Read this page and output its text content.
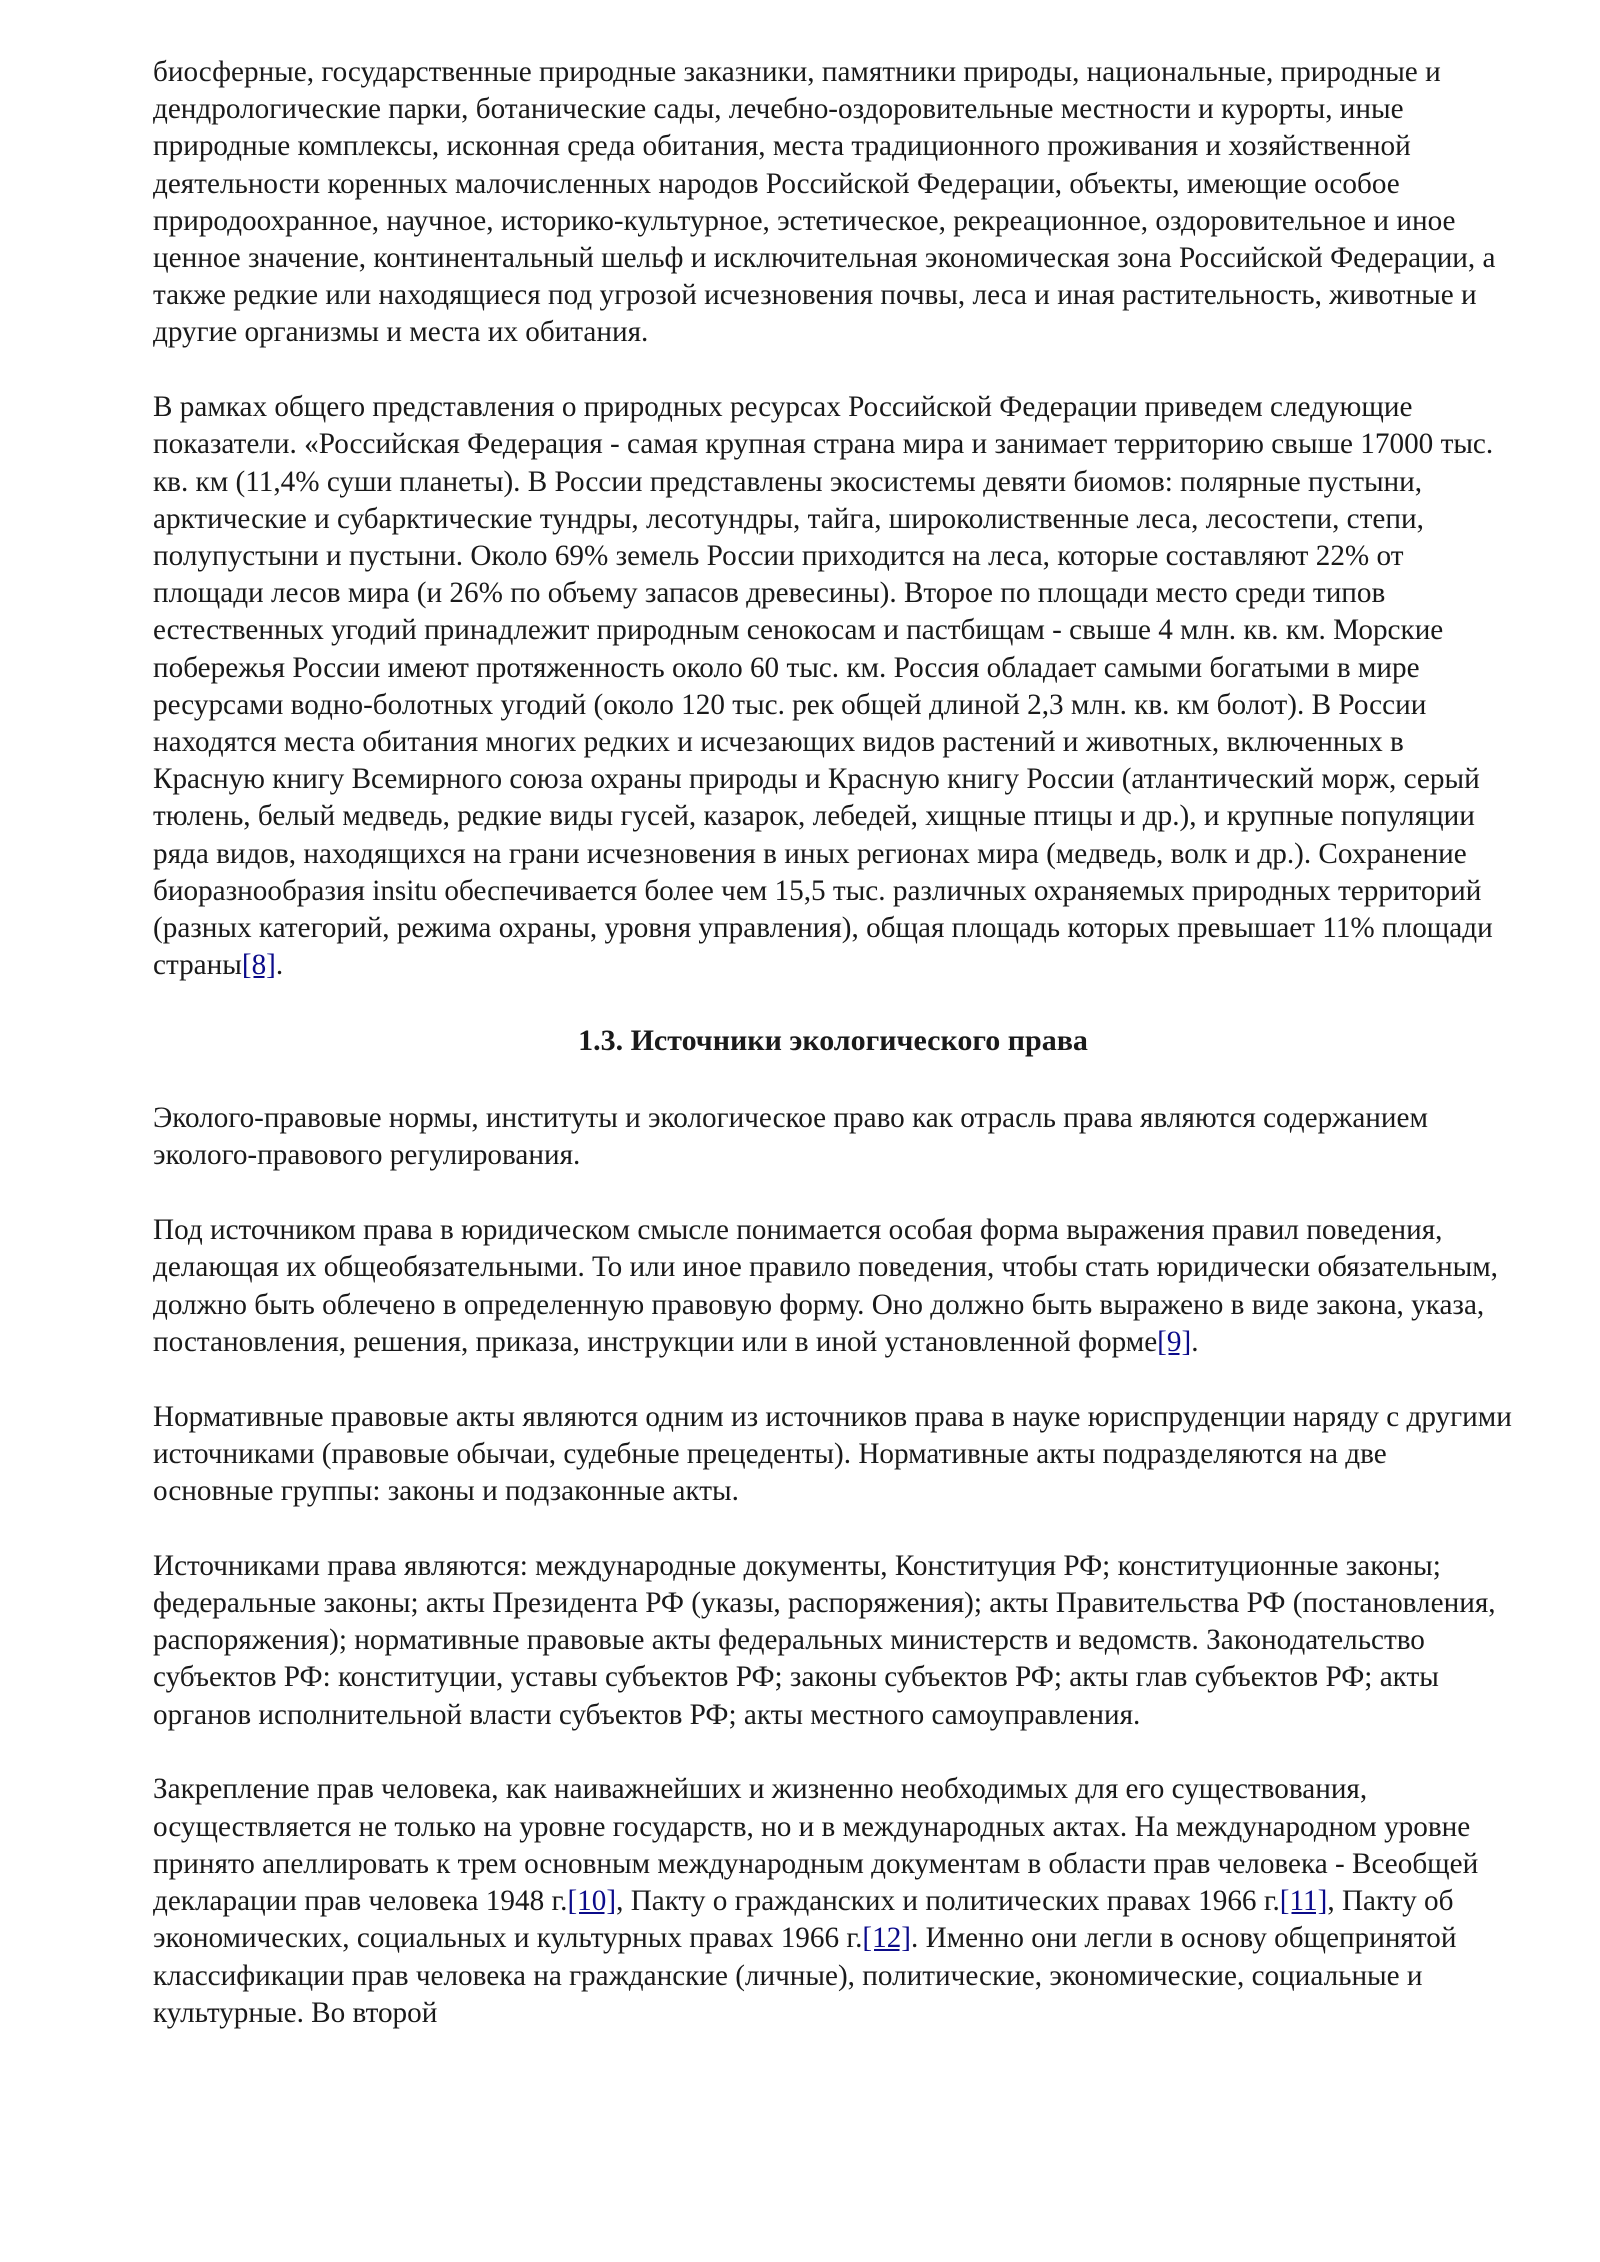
биосферные, государственные природные заказники, памятники природы, национальные, природные и дендрологические парки, ботанические сады, лечебно-оздоровительные местности и курорты, иные природные комплексы, исконная среда обитания, места традиционного проживания и хозяйственной деятельности коренных малочисленных народов Российской Федерации, объекты, имеющие особое природоохранное, научное, историко-культурное, эстетическое, рекреационное, оздоровительное и иное ценное значение, континентальный шельф и исключительная экономическая зона Российской Федерации, а также редкие или находящиеся под угрозой исчезновения почвы, леса и иная растительность, животные и другие организмы и места их обитания.

В рамках общего представления о природных ресурсах Российской Федерации приведем следующие показатели. «Российская Федерация - самая крупная страна мира и занимает территорию свыше 17000 тыс. кв. км (11,4% суши планеты). В России представлены экосистемы девяти биомов: полярные пустыни, арктические и субарктические тундры, лесотундры, тайга, широколиственные леса, лесостепи, степи, полупустыни и пустыни. Около 69% земель России приходится на леса, которые составляют 22% от площади лесов мира (и 26% по объему запасов древесины). Второе по площади место среди типов естественных угодий принадлежит природным сенокосам и пастбищам - свыше 4 млн. кв. км. Морские побережья России имеют протяженность около 60 тыс. км. Россия обладает самыми богатыми в мире ресурсами водно-болотных угодий (около 120 тыс. рек общей длиной 2,3 млн. кв. км болот). В России находятся места обитания многих редких и исчезающих видов растений и животных, включенных в Красную книгу Всемирного союза охраны природы и Красную книгу России (атлантический морж, серый тюлень, белый медведь, редкие виды гусей, казарок, лебедей, хищные птицы и др.), и крупные популяции ряда видов, находящихся на грани исчезновения в иных регионах мира (медведь, волк и др.). Сохранение биоразнообразия insitu обеспечивается более чем 15,5 тыс. различных охраняемых природных территорий (разных категорий, режима охраны, уровня управления), общая площадь которых превышает 11% площади страны[8].

1.3. Источники экологического права

Эколого-правовые нормы, институты и экологическое право как отрасль права являются содержанием эколого-правового регулирования.

Под источником права в юридическом смысле понимается особая форма выражения правил поведения, делающая их общеобязательными. То или иное правило поведения, чтобы стать юридически обязательным, должно быть облечено в определенную правовую форму. Оно должно быть выражено в виде закона, указа, постановления, решения, приказа, инструкции или в иной установленной форме[9].

Нормативные правовые акты являются одним из источников права в науке юриспруденции наряду с другими источниками (правовые обычаи, судебные прецеденты). Нормативные акты подразделяются на две основные группы: законы и подзаконные акты.

Источниками права являются: международные документы, Конституция РФ; конституционные законы; федеральные законы; акты Президента РФ (указы, распоряжения); акты Правительства РФ (постановления, распоряжения); нормативные правовые акты федеральных министерств и ведомств. Законодательство субъектов РФ: конституции, уставы субъектов РФ; законы субъектов РФ; акты глав субъектов РФ; акты органов исполнительной власти субъектов РФ; акты местного самоуправления.

Закрепление прав человека, как наиважнейших и жизненно необходимых для его существования, осуществляется не только на уровне государств, но и в международных актах. На международном уровне принято апеллировать к трем основным международным документам в области прав человека - Всеобщей декларации прав человека 1948 г.[10], Пакту о гражданских и политических правах 1966 г.[11], Пакту об экономических, социальных и культурных правах 1966 г.[12]. Именно они легли в основу общепринятой классификации прав человека на гражданские (личные), политические, экономические, социальные и культурные. Во второй
